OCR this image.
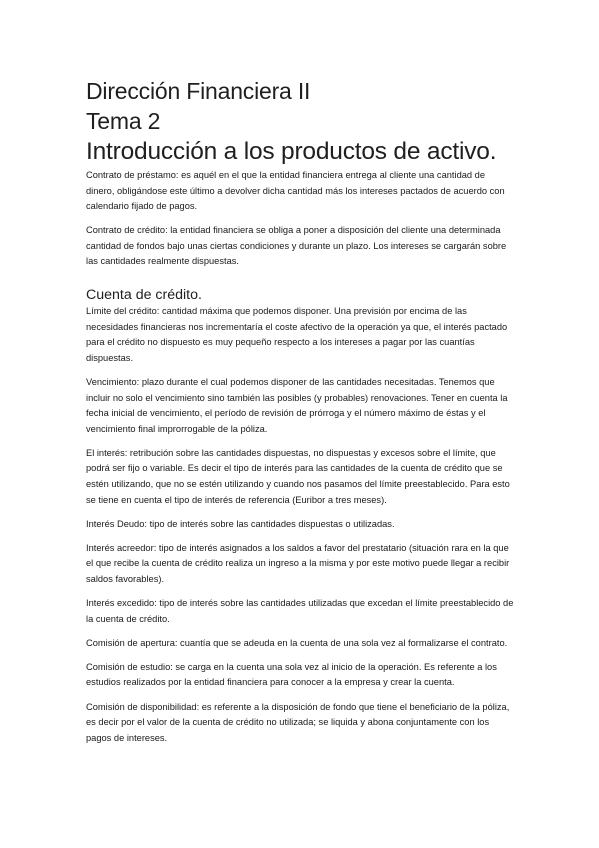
Dirección Financiera II

Tema 2

Introducción a los productos de activo.

Contrato de préstamo: es aquél en el que la entidad financiera entrega al cliente una cantidad de dinero, obligándose este último a devolver dicha cantidad más los intereses pactados de acuerdo con calendario fijado de pagos.

Contrato de crédito: la entidad financiera se obliga a poner a disposición del cliente una determinada cantidad de fondos bajo unas ciertas condiciones y durante un plazo. Los intereses se cargarán sobre las cantidades realmente dispuestas.

Cuenta de crédito.

Límite del crédito: cantidad máxima que podemos disponer. Una previsión por encima de las necesidades financieras nos incrementaría el coste afectivo de la operación ya que, el interés pactado para el crédito no dispuesto es muy pequeño respecto a los intereses a pagar por las cuantías dispuestas.

Vencimiento: plazo durante el cual podemos disponer de las cantidades necesitadas. Tenemos que incluir no solo el vencimiento sino también las posibles (y probables) renovaciones. Tener en cuenta la fecha inicial de vencimiento, el período de revisión de prórroga y el número máximo de éstas y el vencimiento final improrrogable de la póliza.

El interés: retribución sobre las cantidades dispuestas, no dispuestas y excesos sobre el límite, que podrá ser fijo o variable. Es decir el tipo de interés para las cantidades de la cuenta de crédito que se estén utilizando, que no se estén utilizando y cuando nos pasamos del límite preestablecido. Para esto se tiene en cuenta el tipo de interés de referencia (Euribor a tres meses).

Interés Deudo: tipo de interés sobre las cantidades dispuestas o utilizadas.

Interés acreedor: tipo de interés asignados a los saldos a favor del prestatario (situación rara en la que el que recibe la cuenta de crédito realiza un ingreso a la misma y por este motivo puede llegar a recibir saldos favorables).

Interés excedido: tipo de interés sobre las cantidades utilizadas que excedan el límite preestablecido de la cuenta de crédito.

Comisión de apertura: cuantía que se adeuda en la cuenta de una sola vez al formalizarse el contrato.

Comisión de estudio: se carga en la cuenta una sola vez al inicio de la operación. Es referente a los estudios realizados por la entidad financiera para conocer a la empresa y crear la cuenta.

Comisión de disponibilidad: es referente a la disposición de fondo que tiene el beneficiario de la póliza, es decir por el valor de la cuenta de crédito no utilizada; se liquida y abona conjuntamente con los pagos de intereses.
